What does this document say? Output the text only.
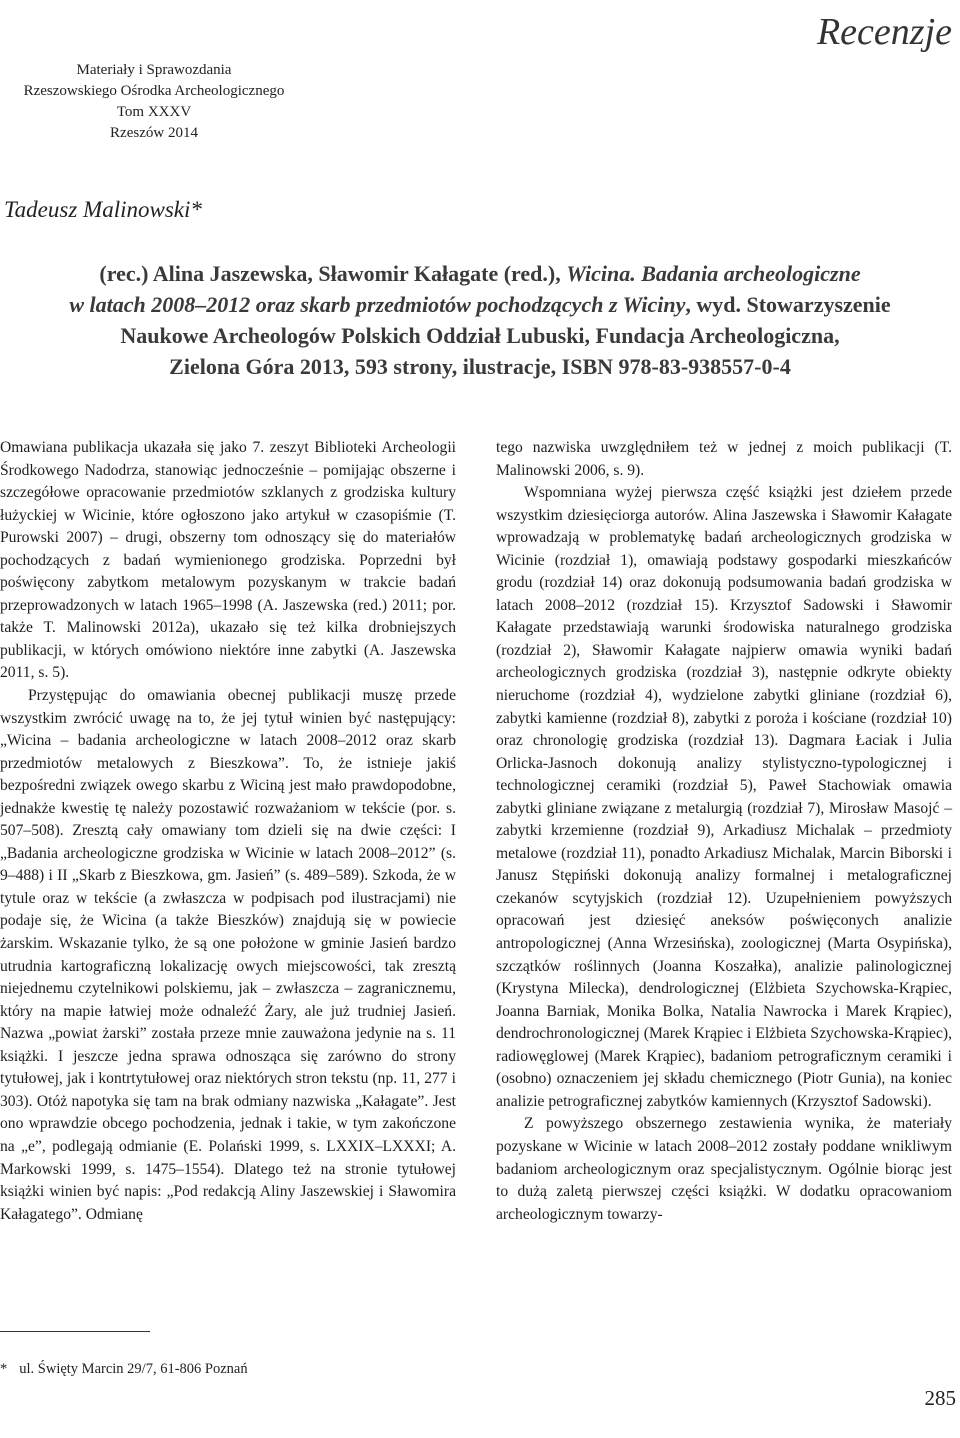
Materiały i Sprawozdania
Rzeszowskiego Ośrodka Archeologicznego
Tom XXXV
Rzeszów 2014
Recenzje
Tadeusz Malinowski*
(rec.) Alina Jaszewska, Sławomir Kałagate (red.), Wicina. Badania archeologiczne
w latach 2008–2012 oraz skarb przedmiotów pochodzących z Wiciny, wyd. Stowarzyszenie
Naukowe Archeologów Polskich Oddział Lubuski, Fundacja Archeologiczna,
Zielona Góra 2013, 593 strony, ilustracje, ISBN 978-83-938557-0-4

Omawiana publikacja ukazała się jako 7. zeszyt Biblioteki Archeologii Środkowego Nadodrza, stanowiąc jednocześnie – pomijając obszerne i szczegółowe opracowanie przedmiotów szklanych z grodziska kultury łużyckiej w Wicinie, które ogłoszono jako artykuł w czasopiśmie (T. Purowski 2007) – drugi, obszerny tom odnoszący się do materiałów pochodzących z badań wymienionego grodziska. Poprzedni był poświęcony zabytkom metalowym pozyskanym w trakcie badań przeprowadzonych w latach 1965–1998 (A. Jaszewska (red.) 2011; por. także T. Malinowski 2012a), ukazało się też kilka drobniejszych publikacji, w których omówiono niektóre inne zabytki (A. Jaszewska 2011, s. 5).

Przystępując do omawiania obecnej publikacji muszę przede wszystkim zwrócić uwagę na to, że jej tytuł winien być następujący: „Wicina – badania archeologiczne w latach 2008–2012 oraz skarb przedmiotów metalowych z Bieszkowa”. To, że istnieje jakiś bezpośredni związek owego skarbu z Wiciną jest mało prawdopodobne, jednakże kwestię tę należy pozostawić rozważaniom w tekście (por. s. 507–508). Zresztą cały omawiany tom dzieli się na dwie części: I „Badania archeologiczne grodziska w Wicinie w latach 2008–2012” (s. 9–488) i II „Skarb z Bieszkowa, gm. Jasień” (s. 489–589). Szkoda, że w tytule oraz w tekście (a zwłaszcza w podpisach pod ilustracjami) nie podaje się, że Wicina (a także Bieszków) znajdują się w powiecie żarskim. Wskazanie tylko, że są one położone w gminie Jasień bardzo utrudnia kartograficzną lokalizację owych miejscowości, tak zresztą niejednemu czytelnikowi polskiemu, jak – zwłaszcza – zagranicznemu, który na mapie łatwiej może odnaleźć Żary, ale już trudniej Jasień. Nazwa „powiat żarski” została przeze mnie zauważona jedynie na s. 11 książki. I jeszcze jedna sprawa odnosząca się zarówno do strony tytułowej, jak i kontrtytułowej oraz niektórych stron tekstu (np. 11, 277 i 303). Otóż napotyka się tam na brak odmiany nazwiska „Kałagate”. Jest ono wprawdzie obcego pochodzenia, jednak i takie, w tym zakończone na „e”, podlegają odmianie (E. Polański 1999, s. LXXIX–LXXXI; A. Markowski 1999, s. 1475–1554). Dlatego też na stronie tytułowej książki winien być napis: „Pod redakcją Aliny Jaszewskiej i Sławomira Kałagatego”. Odmianę

tego nazwiska uwzględniłem też w jednej z moich publikacji (T. Malinowski 2006, s. 9).

Wspomniana wyżej pierwsza część książki jest dziełem przede wszystkim dziesięciorga autorów. Alina Jaszewska i Sławomir Kałagate wprowadzają w problematykę badań archeologicznych grodziska w Wicinie (rozdział 1), omawiają podstawy gospodarki mieszkańców grodu (rozdział 14) oraz dokonują podsumowania badań grodziska w latach 2008–2012 (rozdział 15). Krzysztof Sadowski i Sławomir Kałagate przedstawiają warunki środowiska naturalnego grodziska (rozdział 2), Sławomir Kałagate najpierw omawia wyniki badań archeologicznych grodziska (rozdział 3), następnie odkryte obiekty nieruchome (rozdział 4), wydzielone zabytki gliniane (rozdział 6), zabytki kamienne (rozdział 8), zabytki z poroża i kościane (rozdział 10) oraz chronologię grodziska (rozdział 13). Dagmara Łaciak i Julia Orlicka-Jasnoch dokonują analizy stylistyczno-typologicznej i technologicznej ceramiki (rozdział 5), Paweł Stachowiak omawia zabytki gliniane związane z metalurgią (rozdział 7), Mirosław Masojć – zabytki krzemienne (rozdział 9), Arkadiusz Michalak – przedmioty metalowe (rozdział 11), ponadto Arkadiusz Michalak, Marcin Biborski i Janusz Stępiński dokonują analizy formalnej i metalograficznej czekanów scytyjskich (rozdział 12). Uzupełnieniem powyższych opracowań jest dziesięć aneksów poświęconych analizie antropologicznej (Anna Wrzesińska), zoologicznej (Marta Osypińska), szczątków roślinnych (Joanna Koszałka), analizie palinologicznej (Krystyna Milecka), dendrologicznej (Elżbieta Szychowska-Krąpiec, Joanna Barniak, Monika Bolka, Natalia Nawrocka i Marek Krąpiec), dendrochronologicznej (Marek Krąpiec i Elżbieta Szychowska-Krąpiec), radiowęglowej (Marek Krąpiec), badaniom petrograficznym ceramiki i (osobno) oznaczeniem jej składu chemicznego (Piotr Gunia), na koniec analizie petrograficznej zabytków kamiennych (Krzysztof Sadowski).

Z powyższego obszernego zestawienia wynika, że materiały pozyskane w Wicinie w latach 2008–2012 zostały poddane wnikliwym badaniom archeologicznym oraz specjalistycznym. Ogólnie biorąc jest to dużą zaletą pierwszej części książki. W dodatku opracowaniom archeologicznym towarzy-

* ul. Święty Marcin 29/7, 61-806 Poznań
285
